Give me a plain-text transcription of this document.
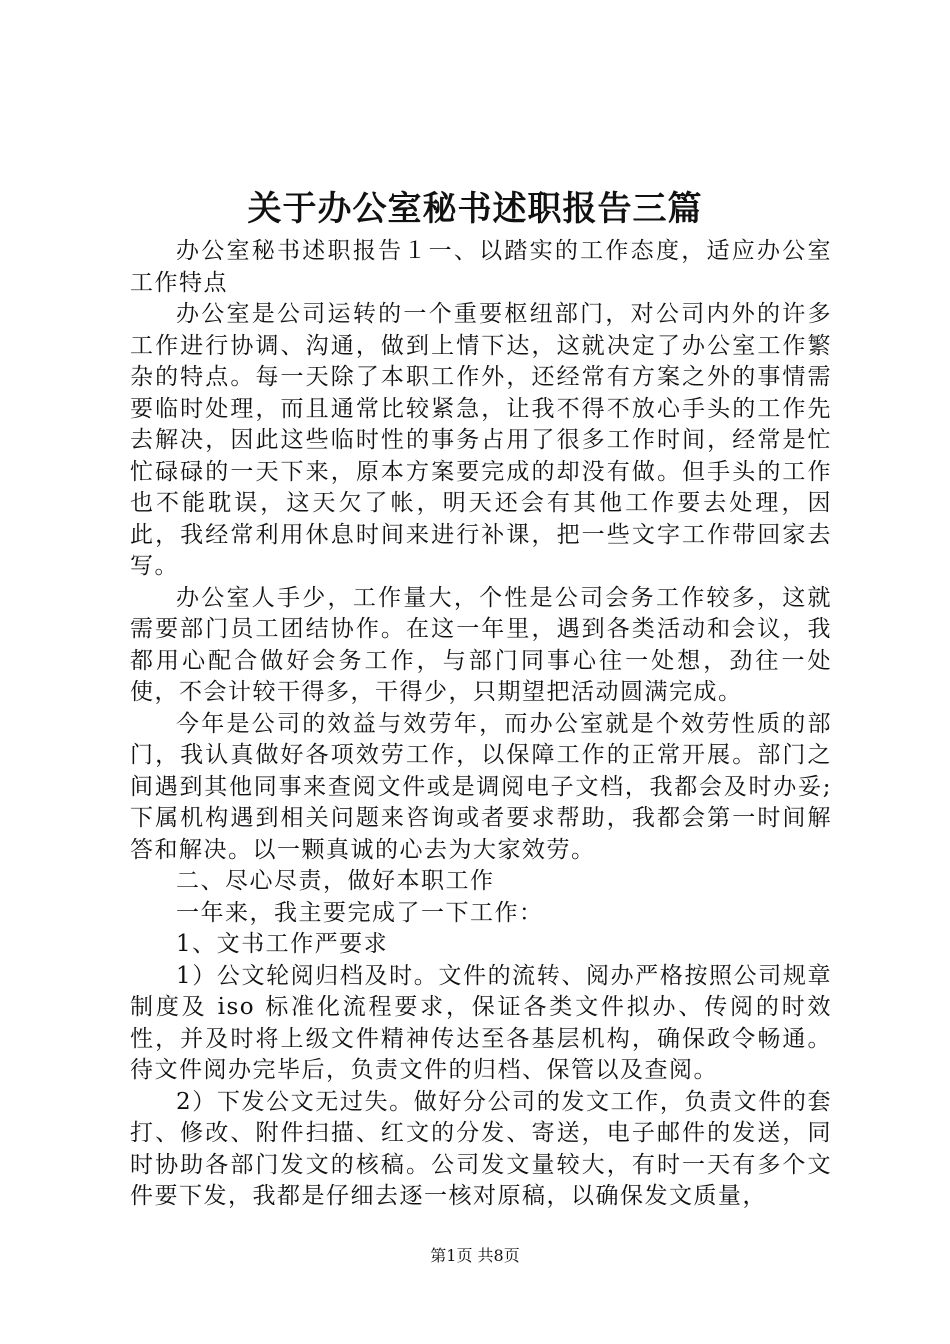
关于办公室秘书述职报告三篇

办公室秘书述职报告１一、以踏实的工作态度，适应办公室工作特点

办公室是公司运转的一个重要枢纽部门，对公司内外的许多工作进行协调、沟通，做到上情下达，这就决定了办公室工作繁杂的特点。每一天除了本职工作外，还经常有方案之外的事情需要临时处理，而且通常比较紧急，让我不得不放心手头的工作先去解决，因此这些临时性的事务占用了很多工作时间，经常是忙忙碌碌的一天下来，原本方案要完成的却没有做。但手头的工作也不能耽误，这天欠了帐，明天还会有其他工作要去处理，因此，我经常利用休息时间来进行补课，把一些文字工作带回家去写。

办公室人手少，工作量大，个性是公司会务工作较多，这就需要部门员工团结协作。在这一年里，遇到各类活动和会议，我都用心配合做好会务工作，与部门同事心往一处想，劲往一处使，不会计较干得多，干得少，只期望把活动圆满完成。

今年是公司的效益与效劳年，而办公室就是个效劳性质的部门，我认真做好各项效劳工作，以保障工作的正常开展。部门之间遇到其他同事来查阅文件或是调阅电子文档，我都会及时办妥;下属机构遇到相关问题来咨询或者要求帮助，我都会第一时间解答和解决。以一颗真诚的心去为大家效劳。

二、尽心尽责，做好本职工作

一年来，我主要完成了一下工作：

1、文书工作严要求

1）公文轮阅归档及时。文件的流转、阅办严格按照公司规章制度及 iso 标准化流程要求，保证各类文件拟办、传阅的时效性，并及时将上级文件精神传达至各基层机构，确保政令畅通。待文件阅办完毕后，负责文件的归档、保管以及查阅。

2）下发公文无过失。做好分公司的发文工作，负责文件的套打、修改、附件扫描、红文的分发、寄送，电子邮件的发送，同时协助各部门发文的核稿。公司发文量较大，有时一天有多个文件要下发，我都是仔细去逐一核对原稿，以确保发文质量，

第1页 共8页
